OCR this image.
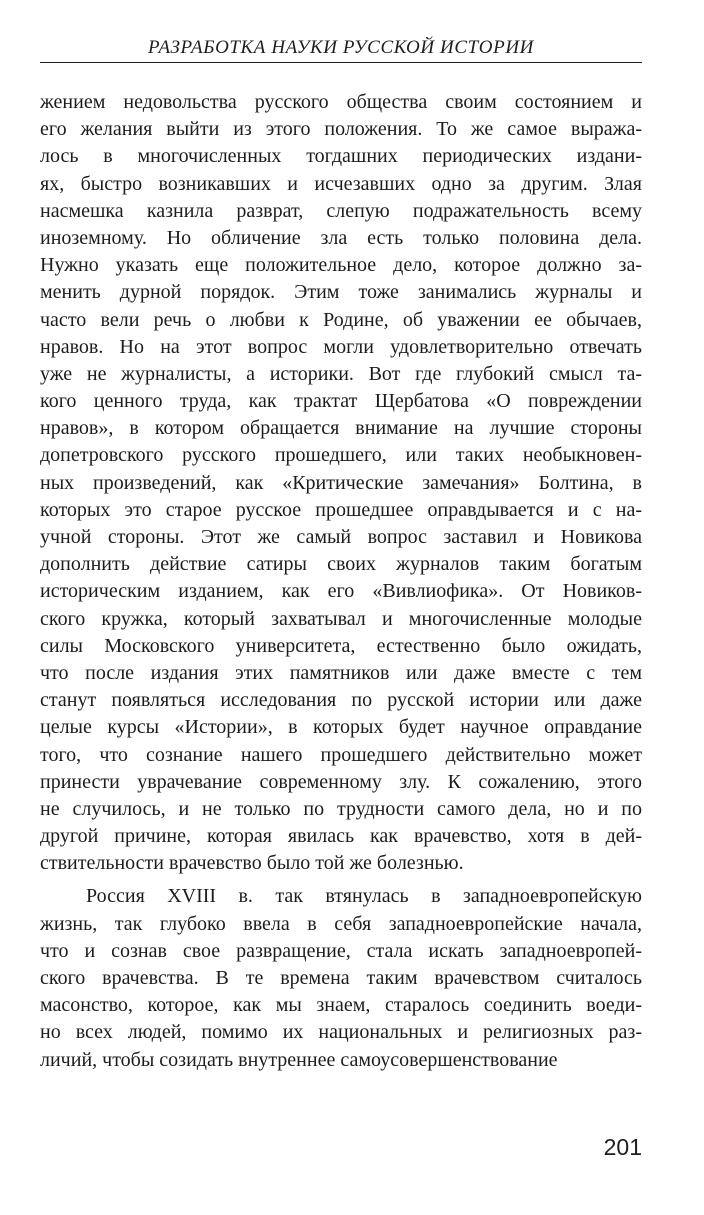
РАЗРАБОТКА НАУКИ РУССКОЙ ИСТОРИИ
жением недовольства русского общества своим состоянием и
его желания выйти из этого положения. То же самое выража-
лось в многочисленных тогдашних периодических издани-
ях, быстро возникавших и исчезавших одно за другим. Злая
насмешка казнила разврат, слепую подражательность всему
иноземному. Но обличение зла есть только половина дела.
Нужно указать еще положительное дело, которое должно за-
менить дурной порядок. Этим тоже занимались журналы и
часто вели речь о любви к Родине, об уважении ее обычаев,
нравов. Но на этот вопрос могли удовлетворительно отвечать
уже не журналисты, а историки. Вот где глубокий смысл та-
кого ценного труда, как трактат Щербатова «О повреждении
нравов», в котором обращается внимание на лучшие стороны
допетровского русского прошедшего, или таких необыкновен-
ных произведений, как «Критические замечания» Болтина, в
которых это старое русское прошедшее оправдывается и с на-
учной стороны. Этот же самый вопрос заставил и Новикова
дополнить действие сатиры своих журналов таким богатым
историческим изданием, как его «Вивлиофика». От Новиков-
ского кружка, который захватывал и многочисленные молодые
силы Московского университета, естественно было ожидать,
что после издания этих памятников или даже вместе с тем
станут появляться исследования по русской истории или даже
целые курсы «Истории», в которых будет научное оправдание
того, что сознание нашего прошедшего действительно может
принести уврачевание современному злу. К сожалению, этого
не случилось, и не только по трудности самого дела, но и по
другой причине, которая явилась как врачевство, хотя в дей-
ствительности врачевство было той же болезнью.
Россия XVIII в. так втянулась в западноевропейскую
жизнь, так глубоко ввела в себя западноевропейские начала,
что и сознав свое развращение, стала искать западноевропей-
ского врачевства. В те времена таким врачевством считалось
масонство, которое, как мы знаем, старалось соединить воеди-
но всех людей, помимо их национальных и религиозных раз-
личий, чтобы созидать внутреннее самоусовершенствование
201
